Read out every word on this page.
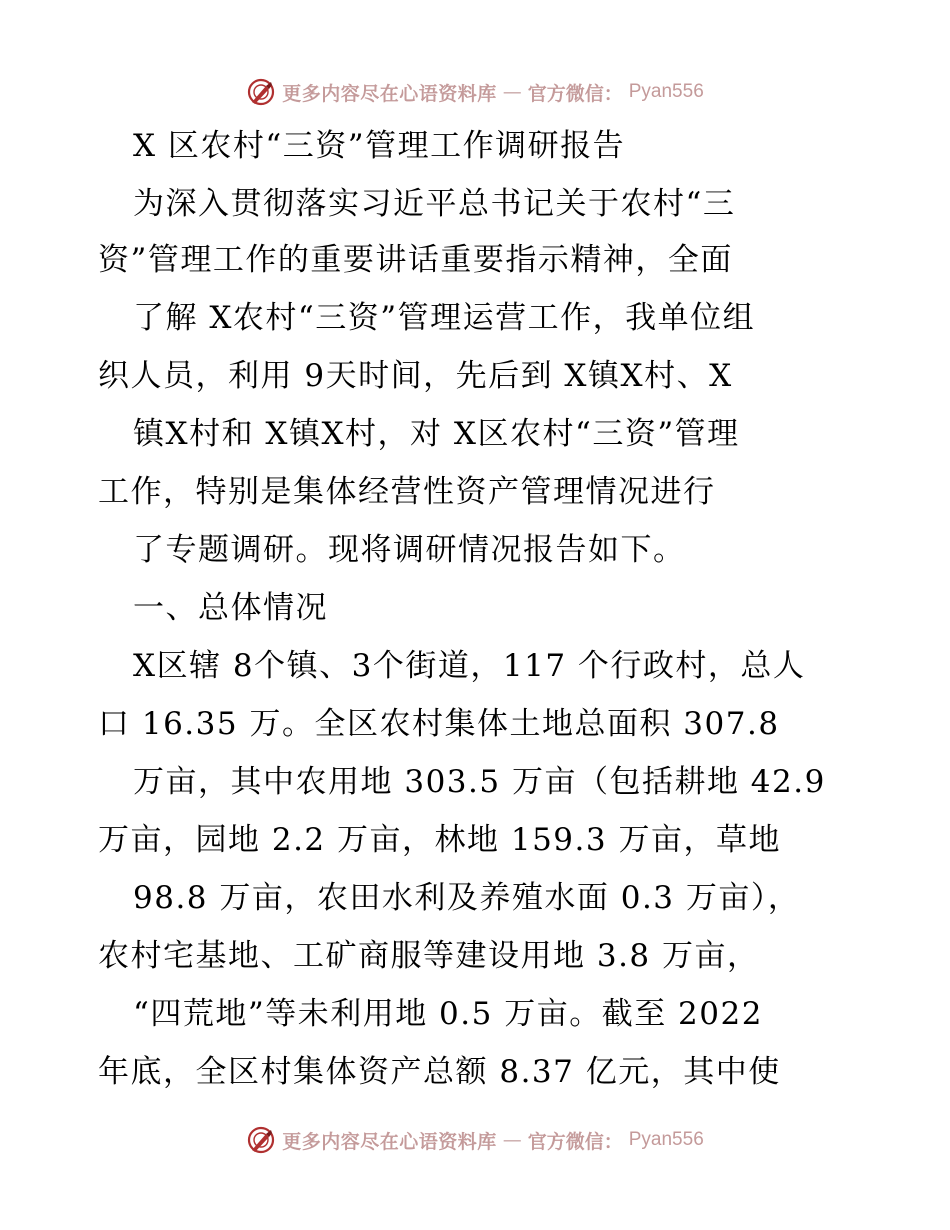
更多内容尽在心语资料库 — 官方微信： Pyan556
X 区农村“三资”管理工作调研报告
为深入贯彻落实习近平总书记关于农村“三
资”管理工作的重要讲话重要指示精神，全面
了解 X农村“三资”管理运营工作，我单位组
织人员，利用 9天时间，先后到 X镇X村、X
镇X村和 X镇X村，对 X区农村“三资”管理
工作，特别是集体经营性资产管理情况进行
了专题调研。现将调研情况报告如下。
一、总体情况
X区辖 8个镇、3个街道，117 个行政村，总人
口 16.35 万。全区农村集体土地总面积 307.8
万亩，其中农用地 303.5 万亩（包括耕地 42.9
万亩，园地 2.2 万亩，林地 159.3 万亩，草地
98.8 万亩，农田水利及养殖水面 0.3 万亩），
农村宅基地、工矿商服等建设用地 3.8 万亩，
“四荒地”等未利用地 0.5 万亩。截至 2022
年底，全区村集体资产总额 8.37 亿元，其中使
更多内容尽在心语资料库 — 官方微信： Pyan556
